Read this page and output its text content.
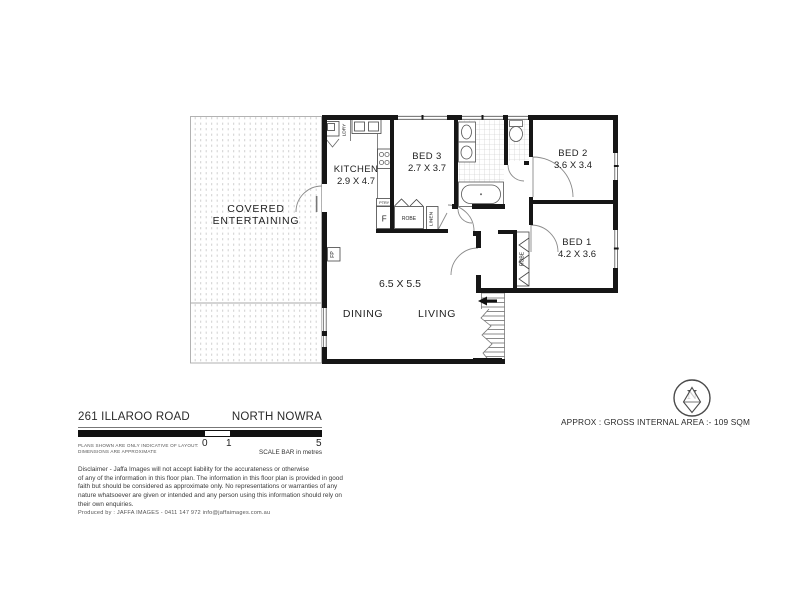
COVERED
ENTERTAINING
KITCHEN
2.9 X 4.7
BED 3
2.7 X 3.7
BED 2
3.6 X 3.4
BED 1
4.2 X 3.6
6.5 X 5.5
DINING	LIVING
ROBE
F
PTRY
LINEN
LDRY
ROBE
FP
261 ILLAROO ROAD	NORTH NOWRA
0 1	5
PLANS SHOWN ARE ONLY INDICATIVE OF LAYOUT:
DIMENSIONS ARE APPROXIMATE	SCALE BAR in metres
APPROX : GROSS INTERNAL AREA :- 109 SQM
Disclaimer - Jaffa Images will not accept liability for the accurateness or otherwise
of any of the information in this floor plan. The information in this floor plan is provided in good
faith but should be considered as approximate only. No representations or warranties of any
nature whatsoever are given or intended and any person using this information should rely on
their own enquiries.
Produced by : JAFFA IMAGES - 0411 147 972 info@jaffaimages.com.au
